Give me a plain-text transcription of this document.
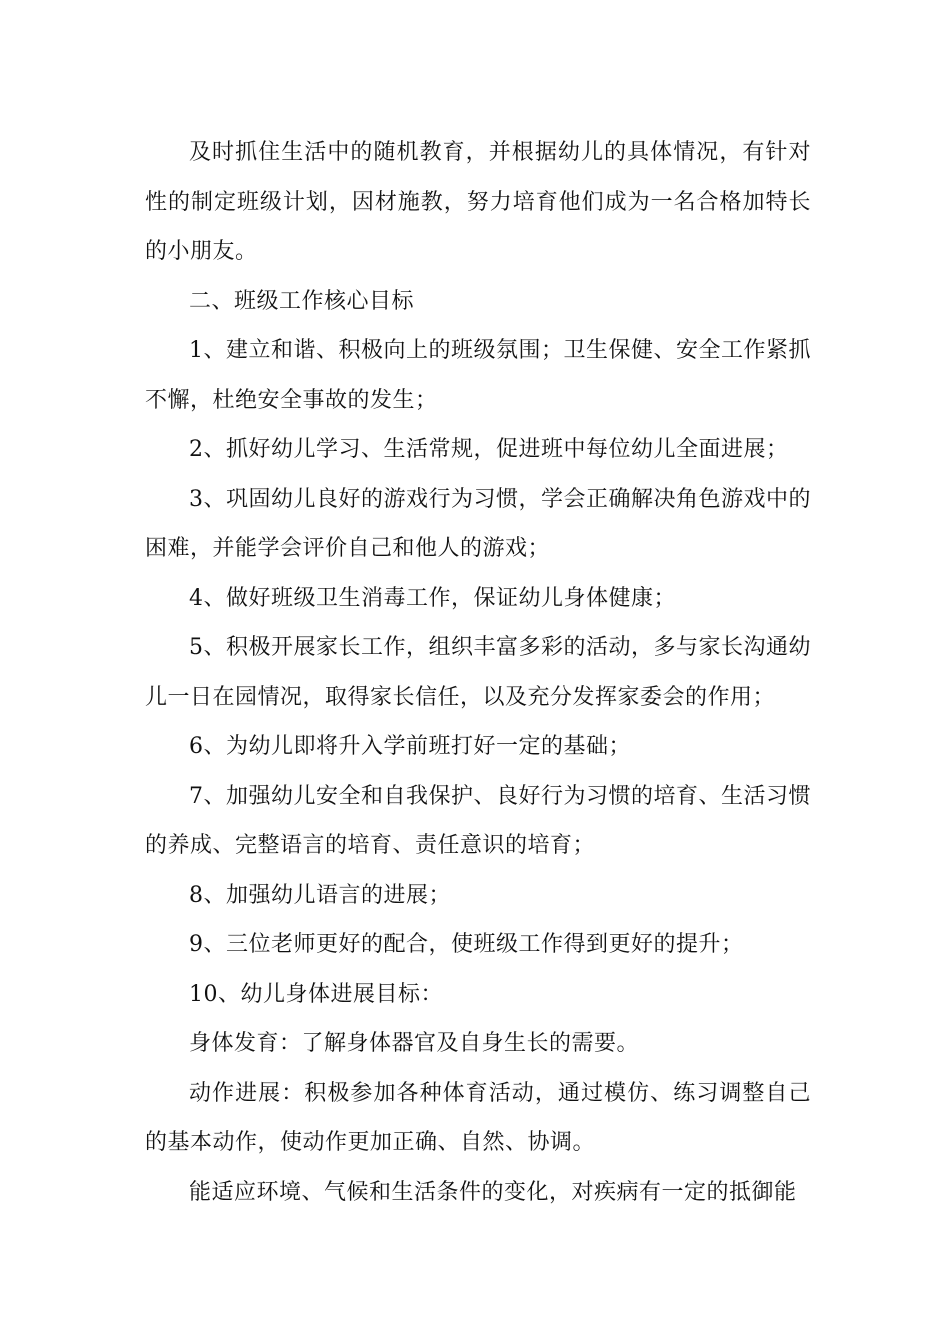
及时抓住生活中的随机教育，并根据幼儿的具体情况，有针对性的制定班级计划，因材施教，努力培育他们成为一名合格加特长的小朋友。

二、班级工作核心目标

1、建立和谐、积极向上的班级氛围；卫生保健、安全工作紧抓不懈，杜绝安全事故的发生；

2、抓好幼儿学习、生活常规，促进班中每位幼儿全面进展；

3、巩固幼儿良好的游戏行为习惯，学会正确解决角色游戏中的困难，并能学会评价自己和他人的游戏；

4、做好班级卫生消毒工作，保证幼儿身体健康；

5、积极开展家长工作，组织丰富多彩的活动，多与家长沟通幼儿一日在园情况，取得家长信任，以及充分发挥家委会的作用；

6、为幼儿即将升入学前班打好一定的基础；

7、加强幼儿安全和自我保护、良好行为习惯的培育、生活习惯的养成、完整语言的培育、责任意识的培育；

8、加强幼儿语言的进展；

9、三位老师更好的配合，使班级工作得到更好的提升；

10、幼儿身体进展目标：

身体发育：了解身体器官及自身生长的需要。

动作进展：积极参加各种体育活动，通过模仿、练习调整自己的基本动作，使动作更加正确、自然、协调。

能适应环境、气候和生活条件的变化，对疾病有一定的抵御能
